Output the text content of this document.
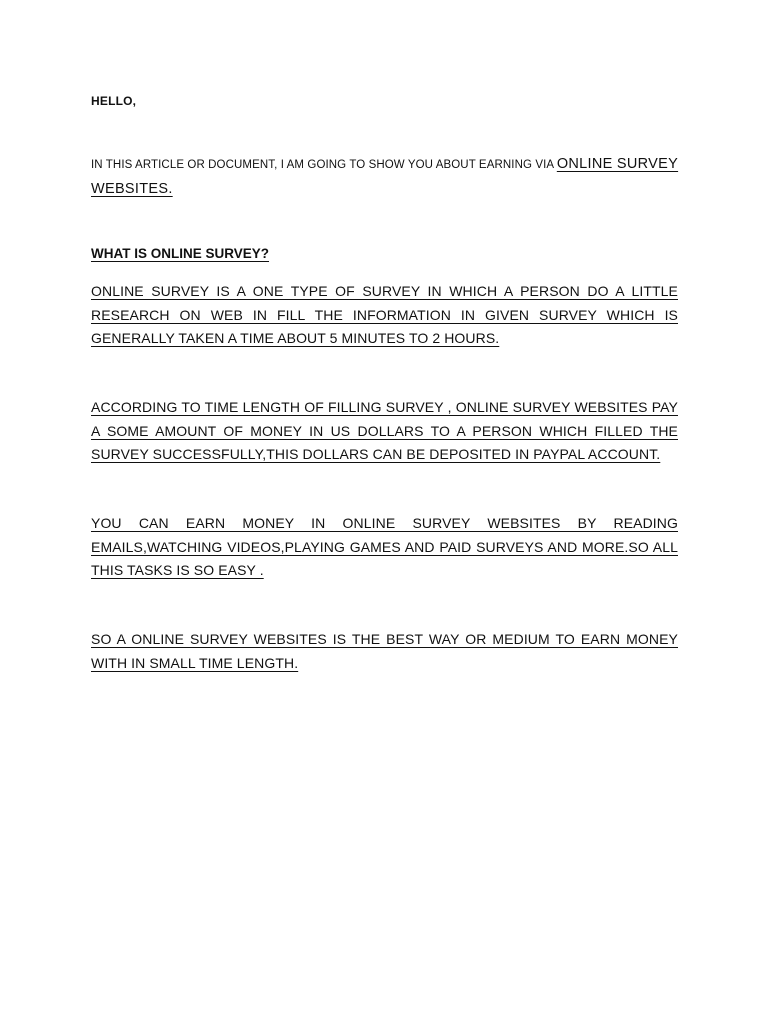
HELLO,
IN THIS ARTICLE OR DOCUMENT, I AM GOING TO SHOW YOU ABOUT EARNING VIA ONLINE SURVEY WEBSITES.
WHAT IS ONLINE SURVEY?
ONLINE SURVEY IS A ONE TYPE OF SURVEY IN WHICH A PERSON DO A LITTLE RESEARCH ON WEB IN FILL THE INFORMATION IN GIVEN SURVEY WHICH IS GENERALLY TAKEN A TIME ABOUT 5 MINUTES TO 2 HOURS.
ACCORDING TO TIME LENGTH OF FILLING SURVEY , ONLINE SURVEY WEBSITES PAY A SOME AMOUNT OF MONEY IN US DOLLARS TO A PERSON WHICH FILLED THE SURVEY SUCCESSFULLY,THIS DOLLARS CAN BE DEPOSITED IN PAYPAL ACCOUNT.
YOU CAN EARN MONEY IN ONLINE SURVEY WEBSITES BY READING EMAILS,WATCHING VIDEOS,PLAYING GAMES AND PAID SURVEYS AND MORE.SO ALL THIS TASKS IS SO EASY .
SO A ONLINE SURVEY WEBSITES IS THE BEST WAY OR MEDIUM TO EARN MONEY WITH IN SMALL TIME LENGTH.
